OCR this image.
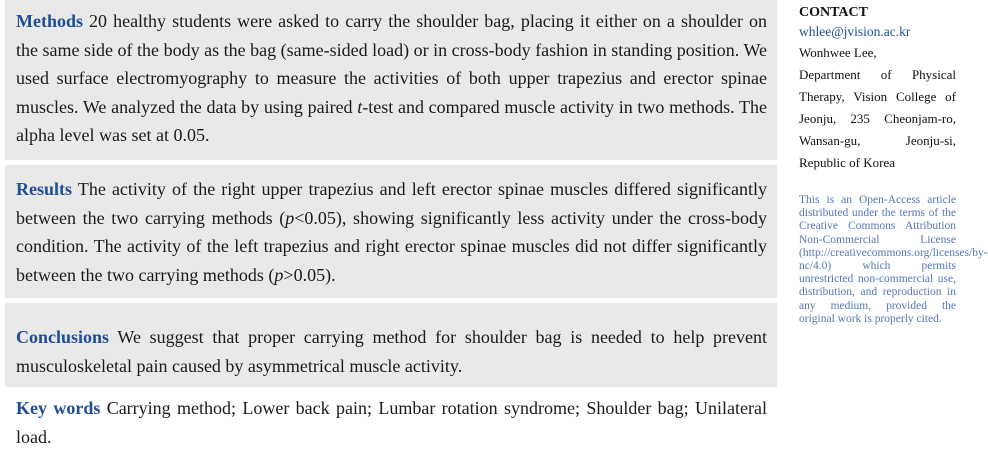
Methods 20 healthy students were asked to carry the shoulder bag, placing it either on a shoulder on the same side of the body as the bag (same-sided load) or in cross-body fashion in standing position. We used surface electromyography to measure the activities of both upper trapezius and erector spinae muscles. We analyzed the data by using paired t-test and compared muscle activity in two methods. The alpha level was set at 0.05.
Results The activity of the right upper trapezius and left erector spinae muscles differed significantly between the two carrying methods (p<0.05), showing significantly less activity under the cross-body condition. The activity of the left trapezius and right erector spinae muscles did not differ significantly between the two carrying methods (p>0.05).
Conclusions We suggest that proper carrying method for shoulder bag is needed to help prevent musculoskeletal pain caused by asymmetrical muscle activity.
Key words Carrying method; Lower back pain; Lumbar rotation syndrome; Shoulder bag; Unilateral load.
CONTACT
whlee@jvision.ac.kr
Wonhwee Lee,
Department of Physical Therapy, Vision College of Jeonju, 235 Cheonjam-ro, Wansan-gu, Jeonju-si, Republic of Korea
This is an Open-Access article distributed under the terms of the Creative Commons Attribution Non-Commercial License (http://creativecommons.org/licenses/by-nc/4.0) which permits unrestricted non-commercial use, distribution, and reproduction in any medium, provided the original work is properly cited.
